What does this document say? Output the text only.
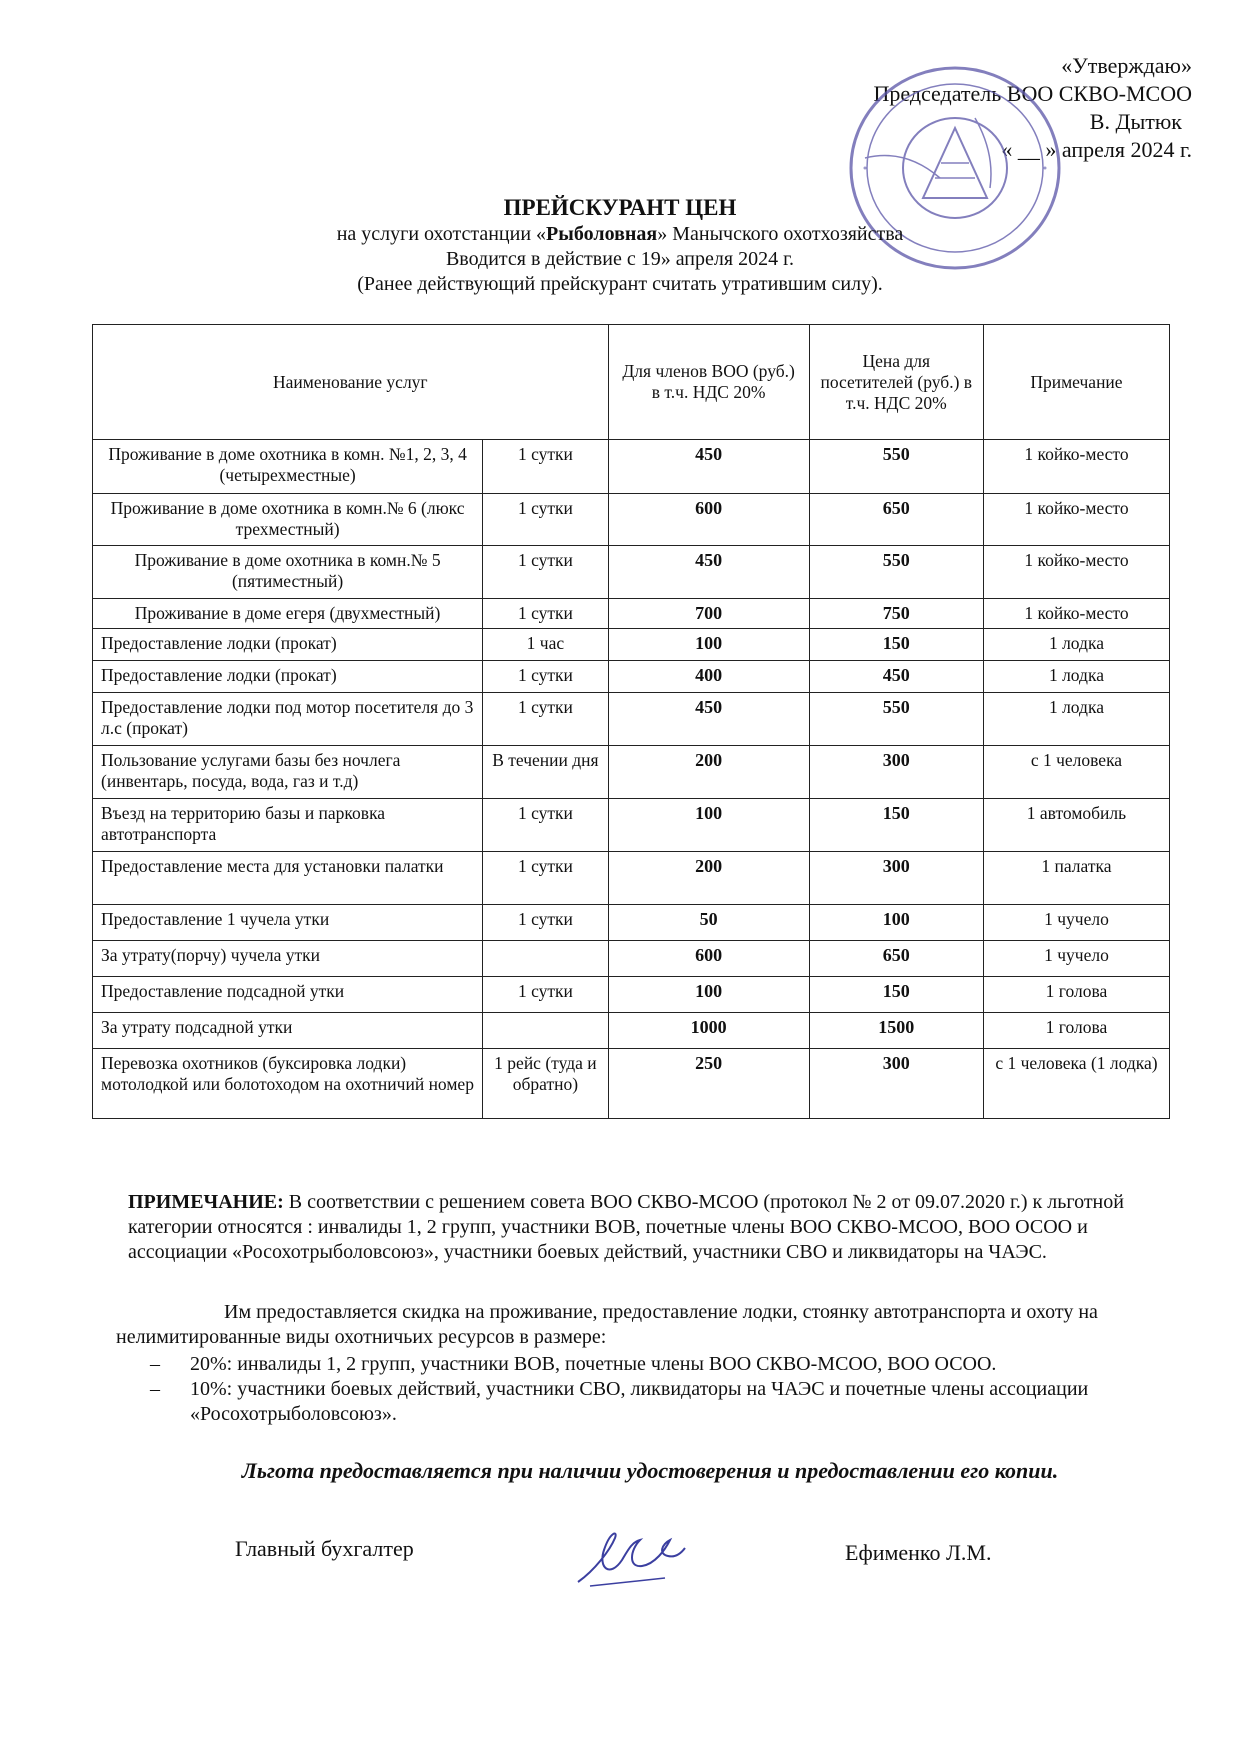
«Утверждаю»
Председатель ВОО СКВО-МСОО
В. Дытюк
« __ » апреля 2024 г.
ПРЕЙСКУРАНТ ЦЕН
на услуги охотстанции «Рыболовная» Манычского охотхозяйства
Вводится в действие с 19» апреля 2024 г.
(Ранее действующий прейскурант считать утратившим силу).
Наименование услуг		Для членов ВОО (руб.) в т.ч. НДС 20%	Цена для посетителей (руб.) в т.ч. НДС 20%	Примечание
Проживание в доме охотника в комн. №1, 2, 3, 4 (четырехместные)	1 сутки	450	550	1 койко-место
Проживание в доме охотника в комн.№ 6 (люкс трехместный)	1 сутки	600	650	1 койко-место
Проживание в доме охотника в комн.№ 5 (пятиместный)	1 сутки	450	550	1 койко-место
Проживание в доме егеря (двухместный)	1 сутки	700	750	1 койко-место
Предоставление лодки (прокат)	1 час	100	150	1 лодка
Предоставление лодки (прокат)	1 сутки	400	450	1 лодка
Предоставление лодки под мотор посетителя до 3 л.с (прокат)	1 сутки	450	550	1 лодка
Пользование услугами базы без ночлега (инвентарь, посуда, вода, газ и т.д)	В течении дня	200	300	с 1 человека
Въезд на территорию базы и парковка автотранспорта	1 сутки	100	150	1 автомобиль
Предоставление места для установки палатки	1 сутки	200	300	1 палатка
Предоставление 1 чучела утки	1 сутки	50	100	1 чучело
За утрату(порчу) чучела утки		600	650	1 чучело
Предоставление подсадной утки	1 сутки	100	150	1 голова
За утрату подсадной утки		1000	1500	1 голова
Перевозка охотников (буксировка лодки) мотолодкой или болотоходом на охотничий номер	1 рейс (туда и обратно)	250	300	с 1 человека (1 лодка)
ПРИМЕЧАНИЕ: В соответствии с решением совета ВОО СКВО-МСОО (протокол № 2 от 09.07.2020 г.) к льготной категории относятся : инвалиды 1, 2 групп, участники ВОВ, почетные члены ВОО СКВО-МСОО, ВОО ОСОО и ассоциации «Росохотрыболовсоюз», участники боевых действий, участники СВО и ликвидаторы на ЧАЭС.
Им предоставляется скидка на проживание, предоставление лодки, стоянку автотранспорта и охоту на нелимитированные виды охотничьих ресурсов в размере:
– 20%: инвалиды 1, 2 групп, участники ВОВ, почетные члены ВОО СКВО-МСОО, ВОО ОСОО.
– 10%: участники боевых действий, участники СВО, ликвидаторы на ЧАЭС и почетные члены ассоциации «Росохотрыболовсоюз».
Льгота предоставляется при наличии удостоверения и предоставлении его копии.
Главный бухгалтер	Ефименко Л.М.
